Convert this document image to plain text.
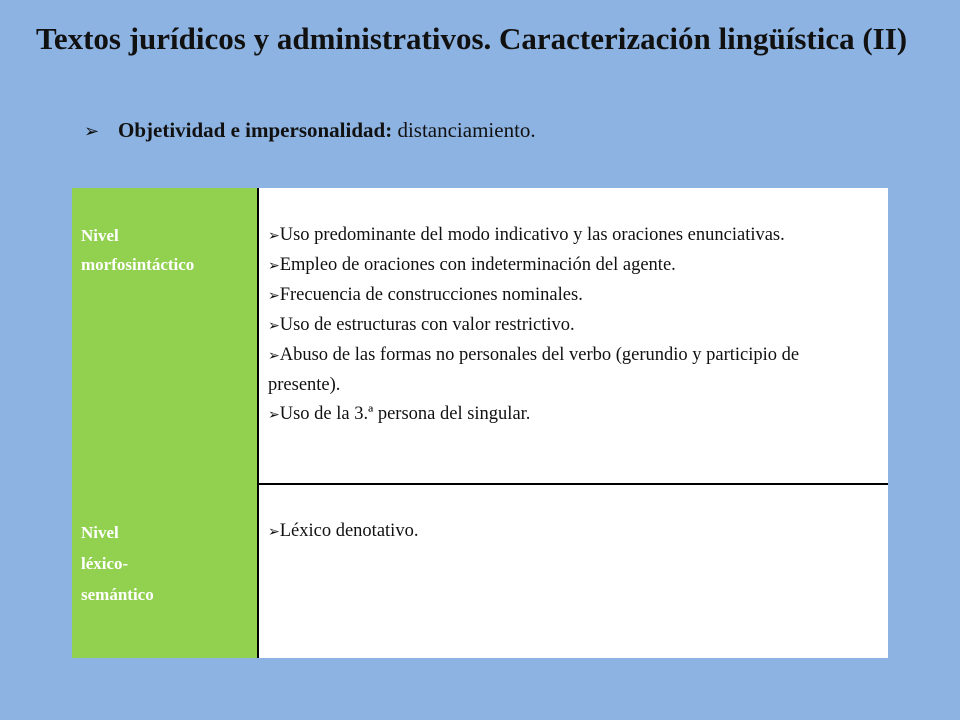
Textos jurídicos y administrativos. Caracterización lingüística (II)
➢ Objetividad e impersonalidad: distanciamiento.
Nivel
morfosintáctico

➢Uso predominante del modo indicativo y las oraciones enunciativas.

➢Empleo de oraciones con indeterminación del agente.

➢Frecuencia de construcciones nominales.

➢Uso de estructuras con valor restrictivo.

➢Abuso de las formas no personales del verbo (gerundio y participio de presente).

➢Uso de la 3.ª persona del singular.

Nivel
léxico-
semántico

➢Léxico denotativo.
